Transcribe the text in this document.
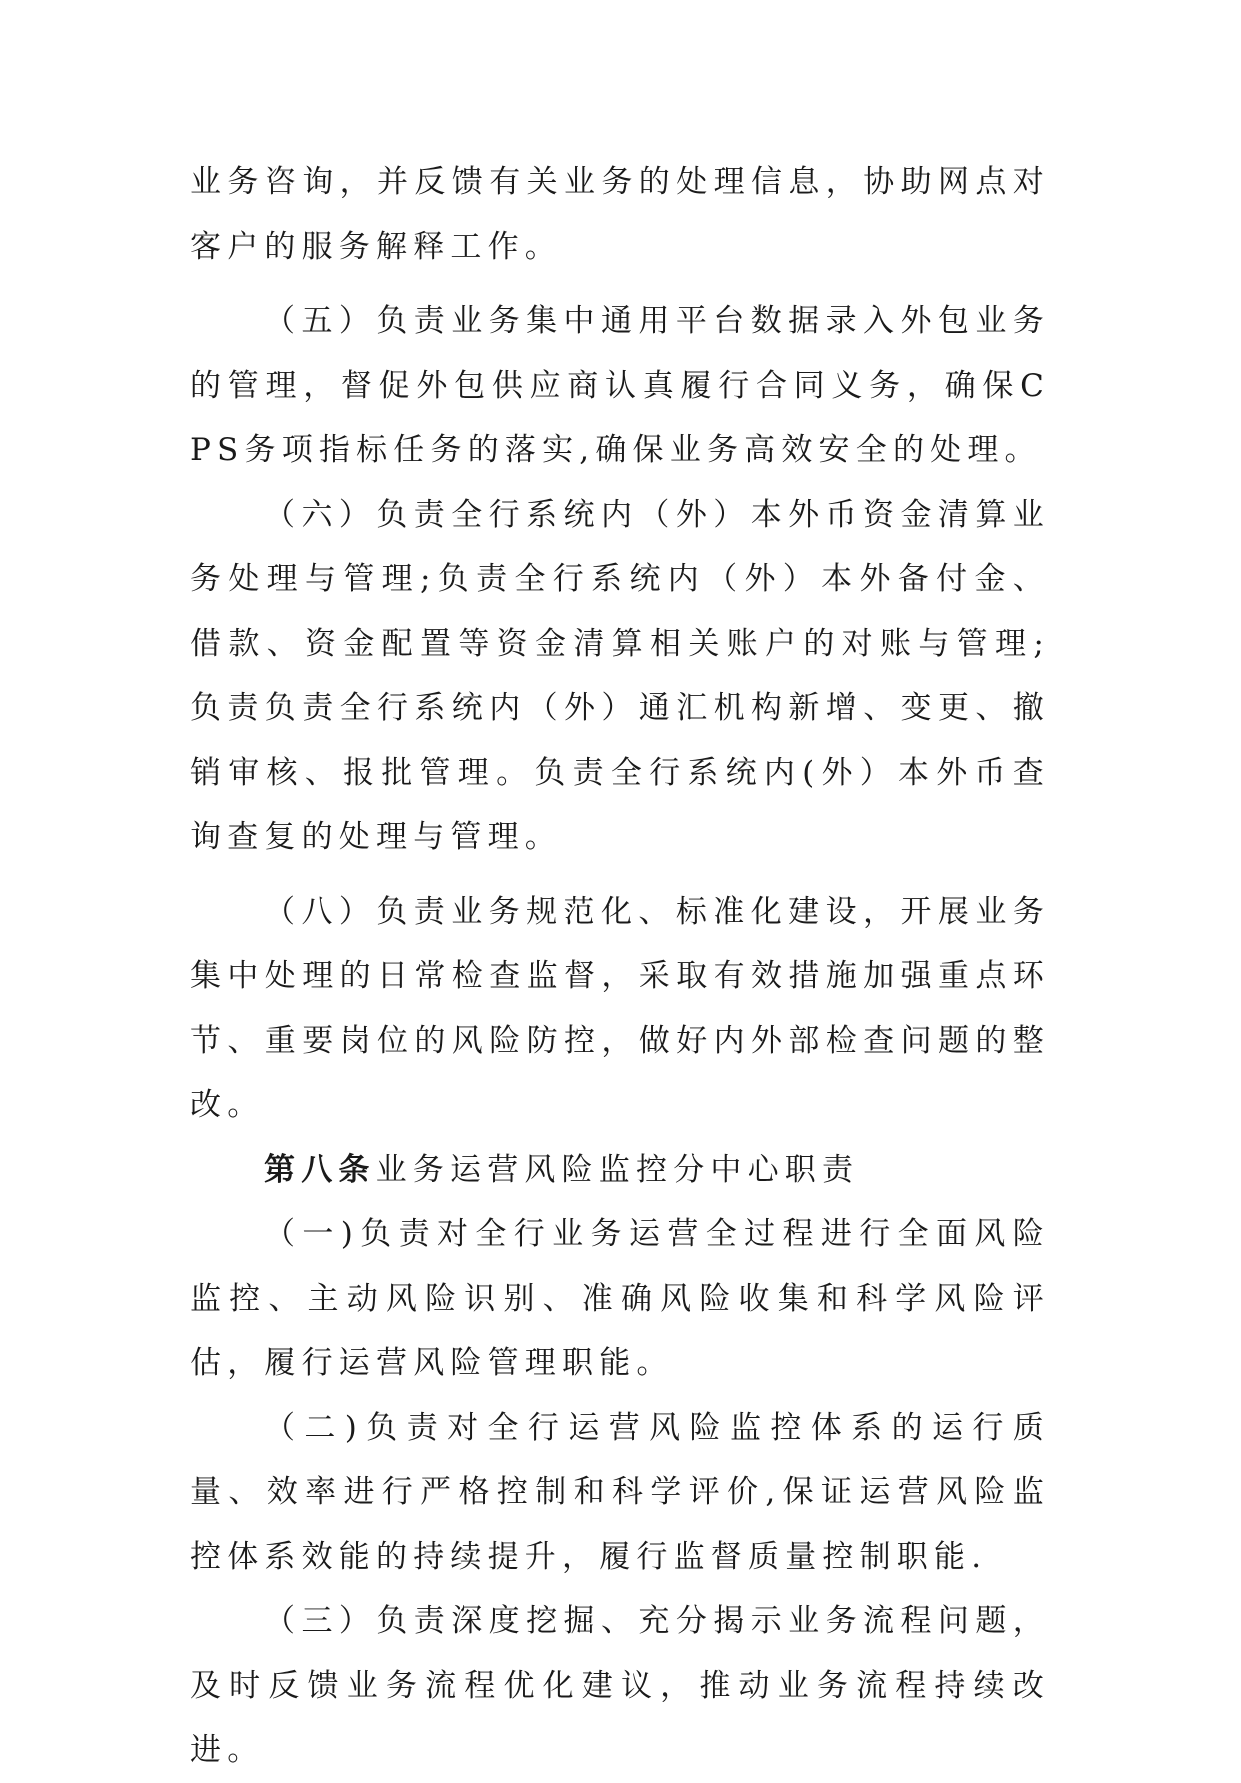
业务咨询，并反馈有关业务的处理信息，协助网点对客户的服务解释工作。

（五）负责业务集中通用平台数据录入外包业务的管理，督促外包供应商认真履行合同义务，确保CPS务项指标任务的落实,确保业务高效安全的处理。

（六）负责全行系统内（外）本外币资金清算业务处理与管理;负责全行系统内（外）本外备付金、借款、资金配置等资金清算相关账户的对账与管理;负责负责全行系统内（外）通汇机构新增、变更、撤销审核、报批管理。负责全行系统内(外）本外币查询查复的处理与管理。

（八）负责业务规范化、标准化建设，开展业务集中处理的日常检查监督，采取有效措施加强重点环节、重要岗位的风险防控，做好内外部检查问题的整改。

第八条业务运营风险监控分中心职责

（一)负责对全行业务运营全过程进行全面风险监控、主动风险识别、准确风险收集和科学风险评估，履行运营风险管理职能。

（二)负责对全行运营风险监控体系的运行质量、效率进行严格控制和科学评价,保证运营风险监控体系效能的持续提升，履行监督质量控制职能.

（三）负责深度挖掘、充分揭示业务流程问题，及时反馈业务流程优化建议，推动业务流程持续改进。
